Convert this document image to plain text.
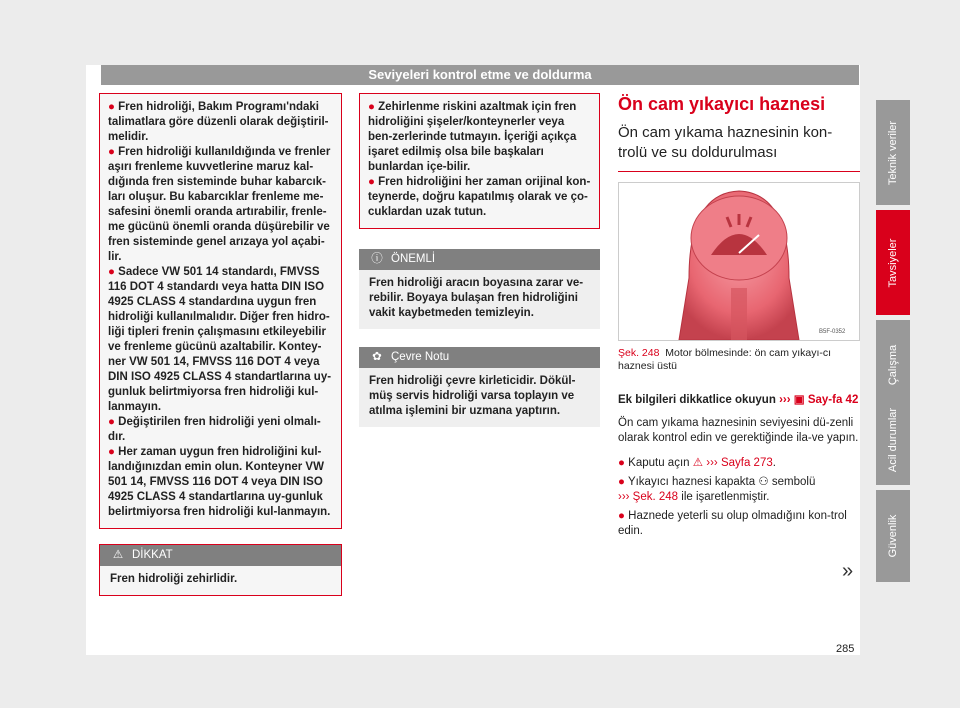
Seviyeleri kontrol etme ve doldurma

● Fren hidroliği, Bakım Programı'ndaki talimatlara göre düzenli olarak değiştiril-melidir.

● Fren hidroliği kullanıldığında ve frenler aşırı frenleme kuvvetlerine maruz kal-dığında fren sisteminde buhar kabarcık-ları oluşur. Bu kabarcıklar frenleme me-safesini önemli oranda artırabilir, frenle-me gücünü önemli oranda düşürebilir ve fren sisteminde genel arızaya yol açabi-lir.

● Sadece VW 501 14 standardı, FMVSS 116 DOT 4 standardı veya hatta DIN ISO 4925 CLASS 4 standardına uygun fren hidroliği kullanılmalıdır. Diğer fren hidro-liği tipleri frenin çalışmasını etkileyebilir ve frenleme gücünü azaltabilir. Kontey-ner VW 501 14, FMVSS 116 DOT 4 veya DIN ISO 4925 CLASS 4 standartlarına uy-gunluk belirtmiyorsa fren hidroliği kul-lanmayın.

● Değiştirilen fren hidroliği yeni olmalı-dır.

● Her zaman uygun fren hidroliğini kul-landığınızdan emin olun. Konteyner VW 501 14, FMVSS 116 DOT 4 veya DIN ISO 4925 CLASS 4 standartlarına uy-gunluk belirtmiyorsa fren hidroliği kul-lanmayın.

⚠ DİKKAT
Fren hidroliği zehirlidir.

● Zehirlenme riskini azaltmak için fren hidroliğini şişeler/konteynerler veya ben-zerlerinde tutmayın. İçeriği açıkça işaret edilmiş olsa bile başkaları bunlardan içe-bilir.

● Fren hidroliğini her zaman orijinal kon-teynerde, doğru kapatılmış olarak ve ço-cuklardan uzak tutun.

ⓘ ÖNEMLİ
Fren hidroliği aracın boyasına zarar ve-rebilir. Boyaya bulaşan fren hidroliğini vakit kaybetmeden temizleyin.
✿ Çevre Notu
Fren hidroliği çevre kirleticidir. Dökül-müş servis hidroliği varsa toplayın ve atılma işlemini bir uzmana yaptırın.
Ön cam yıkayıcı haznesi
Ön cam yıkama haznesinin kon-trolü ve su doldurulması
B5F-0352
Şek. 248 Motor bölmesinde: ön cam yıkayı-cı haznesi üstü

Ek bilgileri dikkatlice okuyun ››› ▣ Say-fa 42

Ön cam yıkama haznesinin seviyesini dü-zenli olarak kontrol edin ve gerektiğinde ila-ve yapın.

● Kaputu açın ⚠ ››› Sayfa 273.

● Yıkayıcı haznesi kapakta ⚇ sembolü
››› Şek. 248 ile işaretlenmiştir.

● Haznede yeterli su olup olmadığını kon-trol edin.

»
Teknik veriler
Tavsiyeler
Çalışma
Acil durumlar
Güvenlik
285
